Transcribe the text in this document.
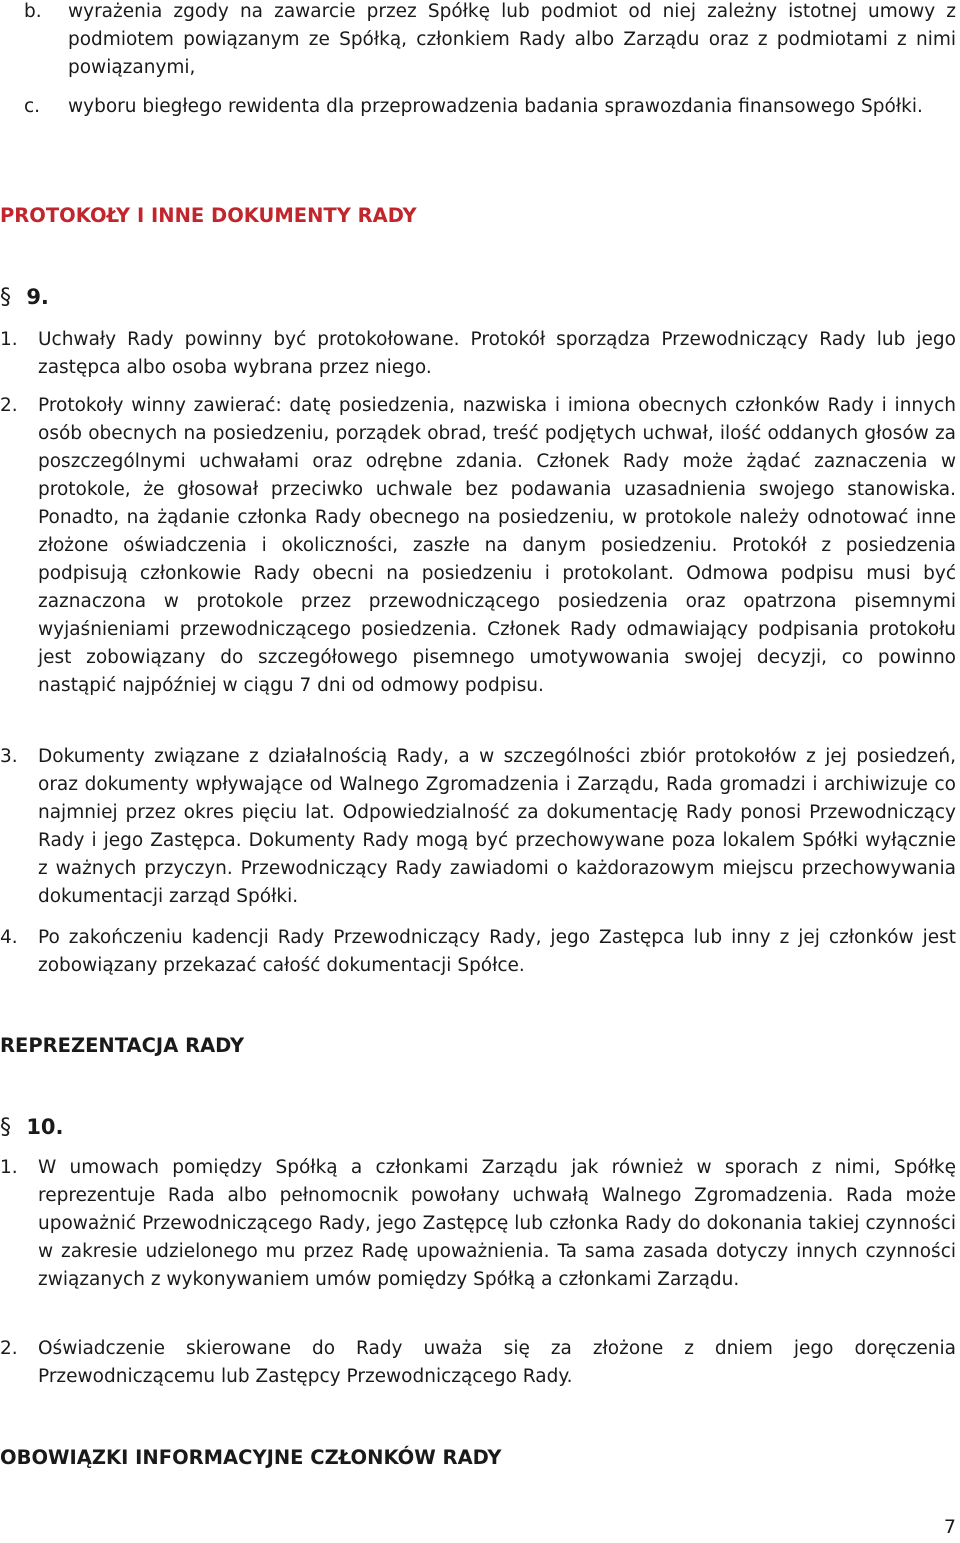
b. wyrażenia zgody na zawarcie przez Spółkę lub podmiot od niej zależny istotnej umowy z podmiotem powiązanym ze Spółką, członkiem Rady albo Zarządu oraz z podmiotami z nimi powiązanymi,
c. wyboru biegłego rewidenta dla przeprowadzenia badania sprawozdania finansowego Spółki.
PROTOKOŁY I INNE DOKUMENTY RADY
§ 9.
1. Uchwały Rady powinny być protokołowane. Protokół sporządza Przewodniczący Rady lub jego zastępca albo osoba wybrana przez niego.
2. Protokoły winny zawierać: datę posiedzenia, nazwiska i imiona obecnych członków Rady i innych osób obecnych na posiedzeniu, porządek obrad, treść podjętych uchwał, ilość oddanych głosów za poszczególnymi uchwałami oraz odrębne zdania. Członek Rady może żądać zaznaczenia w protokole, że głosował przeciwko uchwale bez podawania uzasadnienia swojego stanowiska. Ponadto, na żądanie członka Rady obecnego na posiedzeniu, w protokole należy odnotować inne złożone oświadczenia i okoliczności, zaszłe na danym posiedzeniu. Protokół z posiedzenia podpisują członkowie Rady obecni na posiedzeniu i protokolant. Odmowa podpisu musi być zaznaczona w protokole przez przewodniczącego posiedzenia oraz opatrzona pisemnymi wyjaśnieniami przewodniczącego posiedzenia. Członek Rady odmawiający podpisania protokołu jest zobowiązany do szczegółowego pisemnego umotywowania swojej decyzji, co powinno nastąpić najpóźniej w ciągu 7 dni od odmowy podpisu.
3. Dokumenty związane z działalnością Rady, a w szczególności zbiór protokołów z jej posiedzeń, oraz dokumenty wpływające od Walnego Zgromadzenia i Zarządu, Rada gromadzi i archiwizuje co najmniej przez okres pięciu lat. Odpowiedzialność za dokumentację Rady ponosi Przewodniczący Rady i jego Zastępca. Dokumenty Rady mogą być przechowywane poza lokalem Spółki wyłącznie z ważnych przyczyn. Przewodniczący Rady zawiadomi o każdorazowym miejscu przechowywania dokumentacji zarząd Spółki.
4. Po zakończeniu kadencji Rady Przewodniczący Rady, jego Zastępca lub inny z jej członków jest zobowiązany przekazać całość dokumentacji Spółce.
REPREZENTACJA RADY
§ 10.
1. W umowach pomiędzy Spółką a członkami Zarządu jak również w sporach z nimi, Spółkę reprezentuje Rada albo pełnomocnik powołany uchwałą Walnego Zgromadzenia. Rada może upoważnić Przewodniczącego Rady, jego Zastępcę lub członka Rady do dokonania takiej czynności w zakresie udzielonego mu przez Radę upoważnienia. Ta sama zasada dotyczy innych czynności związanych z wykonywaniem umów pomiędzy Spółką a członkami Zarządu.
2. Oświadczenie skierowane do Rady uważa się za złożone z dniem jego doręczenia Przewodniczącemu lub Zastępcy Przewodniczącego Rady.
OBOWIĄZKI INFORMACYJNE CZŁONKÓW RADY
7
